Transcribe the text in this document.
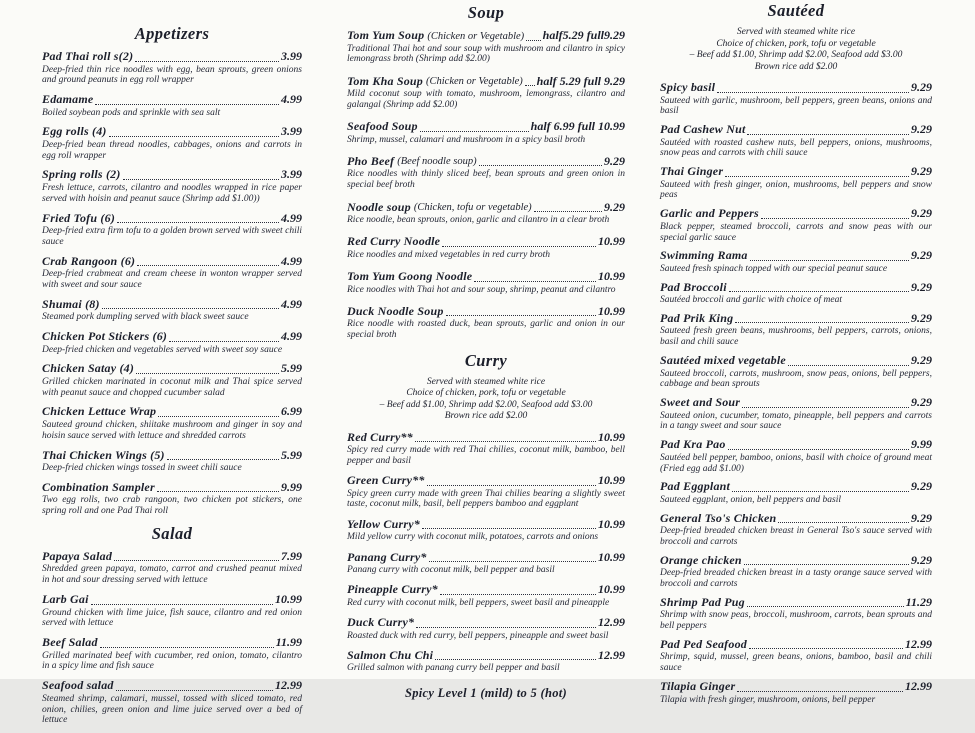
Appetizers
Pad Thai roll s(2)	3.99
Deep-fried thin rice noodles with egg, bean sprouts, green onions and ground peanuts in egg roll wrapper
Edamame	4.99
Boiled soybean pods and sprinkle with sea salt
Egg rolls (4)	3.99
Deep-fried bean thread noodles, cabbages, onions and carrots in egg roll wrapper
Spring rolls (2)	3.99
Fresh lettuce, carrots, cilantro and noodles wrapped in rice paper served with hoisin and peanut sauce (Shrimp add $1.00))
Fried Tofu (6)	4.99
Deep-fried extra firm tofu to a golden brown served with sweet chili sauce
Crab Rangoon (6)	4.99
Deep-fried crabmeat and cream cheese in wonton wrapper served with sweet and sour sauce
Shumai (8)	4.99
Steamed pork dumpling served with black sweet sauce
Chicken Pot Stickers (6)	4.99
Deep-fried chicken and vegetables served with sweet soy sauce
Chicken Satay (4)	5.99
Grilled chicken marinated in coconut milk and Thai spice served with peanut sauce and chopped cucumber salad
Chicken Lettuce Wrap	6.99
Sauteed ground chicken, shiitake mushroom and ginger in soy and hoisin sauce served with lettuce and shredded carrots
Thai Chicken Wings (5)	5.99
Deep-fried chicken wings tossed in sweet chili sauce
Combination Sampler	9.99
Two egg rolls, two crab rangoon, two chicken pot stickers, one spring roll and one Pad Thai roll
Salad
Papaya Salad	7.99
Shredded green papaya, tomato, carrot and crushed peanut mixed in hot and sour dressing served with lettuce
Larb Gai	10.99
Ground chicken with lime juice, fish sauce, cilantro and red onion served with lettuce
Beef Salad	11.99
Grilled marinated beef with cucumber, red onion, tomato, cilantro in a spicy lime and fish sauce
Seafood salad	12.99
Steamed shrimp, calamari, mussel, tossed with sliced tomato, red onion, chilies, green onion and lime juice served over a bed of lettuce
Soup
Tom Yum Soup (Chicken or Vegetable) half5.29 full9.29
Traditional Thai hot and sour soup with mushroom and cilantro in spicy lemongrass broth (Shrimp add $2.00)
Tom Kha Soup (Chicken or Vegetable) half 5.29 full 9.29
Mild coconut soup with tomato, mushroom, lemongrass, cilantro and galangal (Shrimp add $2.00)
Seafood Soup	half 6.99 full 10.99
Shrimp, mussel, calamari and mushroom in a spicy basil broth
Pho Beef (Beef noodle soup)	9.29
Rice noodles with thinly sliced beef, bean sprouts and green onion in special beef broth
Noodle soup (Chicken, tofu or vegetable)	9.29
Rice noodle, bean sprouts, onion, garlic and cilantro in a clear broth
Red Curry Noodle	10.99
Rice noodles and mixed vegetables in red curry broth
Tom Yum Goong Noodle	10.99
Rice noodles with Thai hot and sour soup, shrimp, peanut and cilantro
Duck Noodle Soup	10.99
Rice noodle with roasted duck, bean sprouts, garlic and onion in our special broth
Curry
Served with steamed white rice
Choice of chicken, pork, tofu or vegetable
– Beef add $1.00, Shrimp add $2.00, Seafood add $3.00
Brown rice add $2.00
Red Curry**	10.99
Spicy red curry made with red Thai chilies, coconut milk, bamboo, bell pepper and basil
Green Curry**	10.99
Spicy green curry made with green Thai chilies bearing a slightly sweet taste, coconut milk, basil, bell peppers bamboo and eggplant
Yellow Curry*	10.99
Mild yellow curry with coconut milk, potatoes, carrots and onions
Panang Curry*	10.99
Panang curry with coconut milk, bell pepper and basil
Pineapple Curry*	10.99
Red curry with coconut milk, bell peppers, sweet basil and pineapple
Duck Curry*	12.99
Roasted duck with red curry, bell peppers, pineapple and sweet basil
Salmon Chu Chi	12.99
Grilled salmon with panang curry bell pepper and basil
Spicy Level 1 (mild) to 5 (hot)
Sautéed
Served with steamed white rice
Choice of chicken, pork, tofu or vegetable
– Beef add $1.00, Shrimp add $2.00, Seafood add $3.00
Brown rice add $2.00
Spicy basil	9.29
Sauteed with garlic, mushroom, bell peppers, green beans, onions and basil
Pad Cashew Nut	9.29
Sautéed with roasted cashew nuts, bell peppers, onions, mushrooms, snow peas and carrots with chili sauce
Thai Ginger	9.29
Sauteed with fresh ginger, onion, mushrooms, bell peppers and snow peas
Garlic and Peppers	9.29
Black pepper, steamed broccoli, carrots and snow peas with our special garlic sauce
Swimming Rama	9.29
Sauteed fresh spinach topped with our special peanut sauce
Pad Broccoli	9.29
Sautéed broccoli and garlic with choice of meat
Pad Prik King	9.29
Sauteed fresh green beans, mushrooms, bell peppers, carrots, onions, basil and chili sauce
Sautéed mixed vegetable	9.29
Sauteed broccoli, carrots, mushroom, snow peas, onions, bell peppers, cabbage and bean sprouts
Sweet and Sour	9.29
Sauteed onion, cucumber, tomato, pineapple, bell peppers and carrots in a tangy sweet and sour sauce
Pad Kra Pao	9.99
Sautéed bell pepper, bamboo, onions, basil with choice of ground meat (Fried egg add $1.00)
Pad Eggplant	9.29
Sauteed eggplant, onion, bell peppers and basil
General Tso's Chicken	9.29
Deep-fried breaded chicken breast in General Tso's sauce served with broccoli and carrots
Orange chicken	9.29
Deep-fried breaded chicken breast in a tasty orange sauce served with broccoli and carrots
Shrimp Pad Pug	11.29
Shrimp with snow peas, broccoli, mushroom, carrots, bean sprouts and bell peppers
Pad Ped Seafood	12.99
Shrimp, squid, mussel, green beans, onions, bamboo, basil and chili sauce
Tilapia Ginger	12.99
Tilapia with fresh ginger, mushroom, onions, bell pepper
